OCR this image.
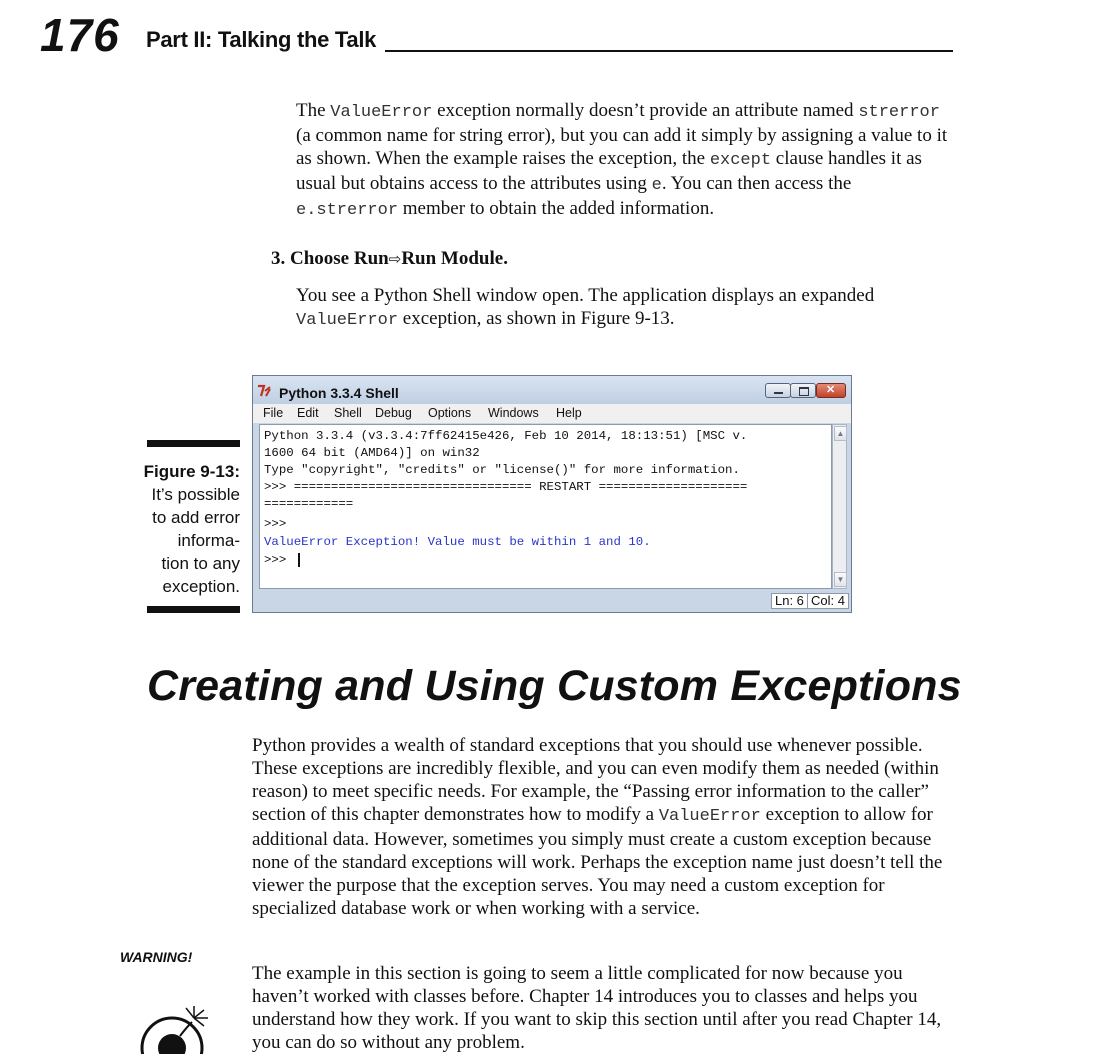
176 Part II: Talking the Talk
The ValueError exception normally doesn’t provide an attribute named strerror (a common name for string error), but you can add it simply by assigning a value to it as shown. When the example raises the exception, the except clause handles it as usual but obtains access to the attributes using e. You can then access the e.strerror member to obtain the added information.
3. Choose Run⇨Run Module.
You see a Python Shell window open. The application displays an expanded ValueError exception, as shown in Figure 9-13.
Figure 9-13:
It’s possible
to add error
informa-
tion to any
exception.
Python 3.3.4 Shell
✕
File Edit Shell Debug Options Windows Help
Python 3.3.4 (v3.3.4:7ff62415e426, Feb 10 2014, 18:13:51) [MSC v.
1600 64 bit (AMD64)] on win32
Type "copyright", "credits" or "license()" for more information.
>>> ================================ RESTART ====================
============
>>>
ValueError Exception! Value must be within 1 and 10.
>>>
▲
▼
Ln: 6 Col: 4
Creating and Using Custom Exceptions
Python provides a wealth of standard exceptions that you should use whenever possible. These exceptions are incredibly flexible, and you can even modify them as needed (within reason) to meet specific needs. For example, the “Passing error information to the caller” section of this chapter demonstrates how to modify a ValueError exception to allow for additional data. However, sometimes you simply must create a custom exception because none of the standard exceptions will work. Perhaps the exception name just doesn’t tell the viewer the purpose that the exception serves. You may need a custom exception for specialized database work or when working with a service.
WARNING!
The example in this section is going to seem a little complicated for now because you haven’t worked with classes before. Chapter 14 introduces you to classes and helps you understand how they work. If you want to skip this section until after you read Chapter 14, you can do so without any problem.
